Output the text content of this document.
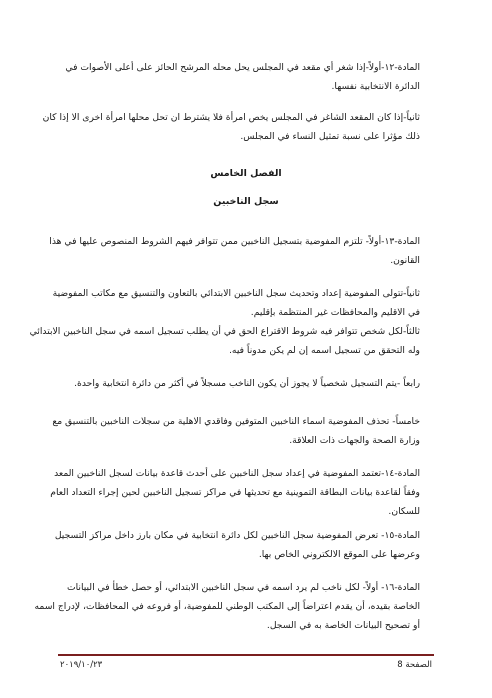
المادة-١٢-أولاً-إذا شغر أي مقعد في المجلس يحل محله المرشح الحائز على أعلى الأصوات في
الدائرة الانتخابية نفسها.
ثانياً-إذا كان المقعد الشاغر في المجلس يخص امرأة فلا يشترط ان تحل محلها امرأة اخرى الا إذا كان
ذلك مؤثرا على نسبة تمثيل النساء في المجلس.
الفصل الخامس
سجل الناخبين
المادة-١٣-أولاً- تلتزم المفوضية بتسجيل الناخبين ممن تتوافر فيهم الشروط المنصوص عليها في هذا
القانون.
ثانياً-تتولى المفوضية إعداد وتحديث سجل الناخبين الابتدائي بالتعاون والتنسيق مع مكاتب المفوضية
في الاقليم والمحافظات غير المنتظمة بإقليم.
ثالثاً-لكل شخص تتوافر فيه شروط الاقتراع الحق في أن يطلب تسجيل اسمه في سجل الناخبين الابتدائي
وله التحقق من تسجيل اسمه إن لم يكن مدوناً فيه.
رابعاً -يتم التسجيل شخصياً لا يجوز أن يكون الناخب مسجلاً في أكثر من دائرة انتخابية واحدة.
خامساً- تحذف المفوضية اسماء الناخبين المتوفين وفاقدي الاهلية من سجلات الناخبين بالتنسيق مع
وزارة الصحة والجهات ذات العلاقة.
المادة-١٤-تعتمد المفوضية في إعداد سجل الناخبين على أحدث قاعدة بيانات لسجل الناخبين المعد
وفقاً لقاعدة بيانات البطاقة التموينية مع تحديثها في مراكز تسجيل الناخبين لحين إجراء التعداد العام
للسكان.
المادة-١٥- تعرض المفوضية سجل الناخبين لكل دائرة انتخابية في مكان بارز داخل مراكز التسجيل
وعرضها على الموقع الالكتروني الخاص بها.
المادة-١٦- أولاً- لكل ناخب لم يرد اسمه في سجل الناخبين الابتدائي، أو حصل خطأ في البيانات
الخاصة بقيده، أن يقدم اعتراضاً إلى المكتب الوطني للمفوضية، أو فروعه في المحافظات، لإدراج اسمه
أو تصحيح البيانات الخاصة به في السجل.
٢٠١٩/١٠/٢٣	الصفحة 8
